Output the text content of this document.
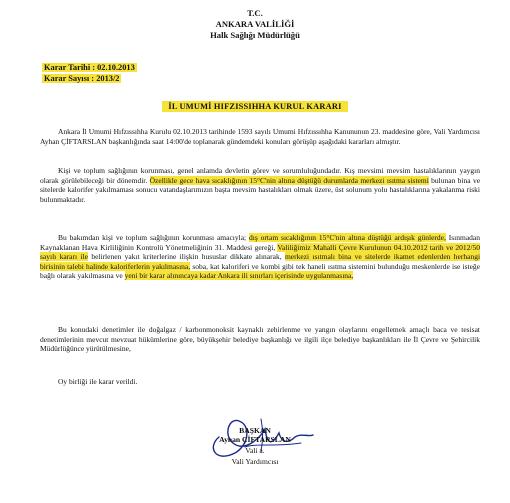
T.C.
ANKARA VALİLİĞİ
Halk Sağlığı Müdürlüğü
Karar Tarihi : 02.10.2013
Karar Sayısı : 2013/2
İL UMUMİ HIFZISSIHHA KURUL KARARI
Ankara İl Umumi Hıfzıssıhha Kurulu 02.10.2013 tarihinde 1593 sayılı Umumi Hıfzıssıhha Kanununun 23. maddesine göre, Vali Yardımcısı Ayhan ÇİFTARSLAN başkanlığında saat 14:00'de toplanarak gündemdeki konuları görüşüp aşağıdaki kararları almıştır.
Kişi ve toplum sağlığının korunması, genel anlamda devletin görev ve sorumluluğundadır. Kış mevsimi mevsim hastalıklarının yaygın olarak görülebileceği bir dönemdir. Özellikle gece hava sıcaklığının 15°C'nin altına düştüğü durumlarda merkezi ısıtma sistemi bulunan bina ve sitelerde kalorifer yakılmaması sonucu vatandaşlarımızın başta mevsim hastalıkları olmak üzere, üst solunum yolu hastalıklarına yakalanma riski bulunmaktadır.
Bu bakımdan kişi ve toplum sağlığının korunması amacıyla; dış ortam sıcaklığının 15°C'nin altına düştüğü ardışık günlerde, Isınmadan Kaynaklanan Hava Kirliliğinin Kontrolü Yönetmeliğinin 31. Maddesi gereği, Valiliğimiz Mahalli Çevre Kurulunun 04.10.2012 tarih ve 2012/50 sayılı kararı ile belirlenen yakıt kriterlerine ilişkin hususlar dikkate alınarak, merkezi ısıtmalı bina ve sitelerde ikamet edenlerden herhangi birisinin talebi halinde kaloriferlerin yakılmasına, soba, kat kaloriferi ve kombi gibi tek haneli ısıtma sistemini bulunduğu meskenlerde ise isteğe bağlı olarak yakılmasına ve yeni bir karar alınıncaya kadar Ankara ili sınırları içerisinde uygulanmasına,
Bu konudaki denetimler ile doğalgaz / karbonmonoksit kaynaklı zehirlenme ve yangın olaylarını engellemek amaçlı baca ve tesisat denetimlerinin mevcut mevzuat hükümlerine göre, büyükşehir belediye başkanlığı ve ilgili ilçe belediye başkanlıkları ile İl Çevre ve Şehircilik Müdürlüğünce yürütülmesine,
Oy birliği ile karar verildi.
BAŞKAN
Ayhan ÇİFTARSLAN
Vali a.
Vali Yardımcısı
